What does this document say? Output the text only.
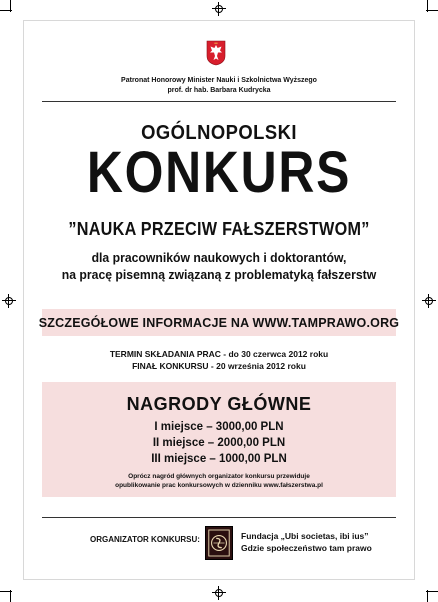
Patronat Honorowy Minister Nauki i Szkolnictwa Wyższego
prof. dr hab. Barbara Kudrycka
OGÓLNOPOLSKI
KONKURS
”NAUKA PRZECIW FAŁSZERSTWOM”
dla pracowników naukowych i doktorantów,
na pracę pisemną związaną z problematyką fałszerstw
SZCZEGÓŁOWE INFORMACJE NA WWW.TAMPRAWO.ORG
TERMIN SKŁADANIA PRAC - do 30 czerwca 2012 roku
FINAŁ KONKURSU - 20 września 2012 roku
NAGRODY GŁÓWNE
I miejsce – 3000,00 PLN
II miejsce – 2000,00 PLN
III miejsce – 1000,00 PLN
Oprócz nagród głównych organizator konkursu przewiduje
opublikowanie prac konkursowych w dzienniku www.fałszerstwa.pl
ORGANIZATOR KONKURSU:	Fundacja „Ubi societas, ibi ius”
Gdzie społeczeństwo tam prawo
